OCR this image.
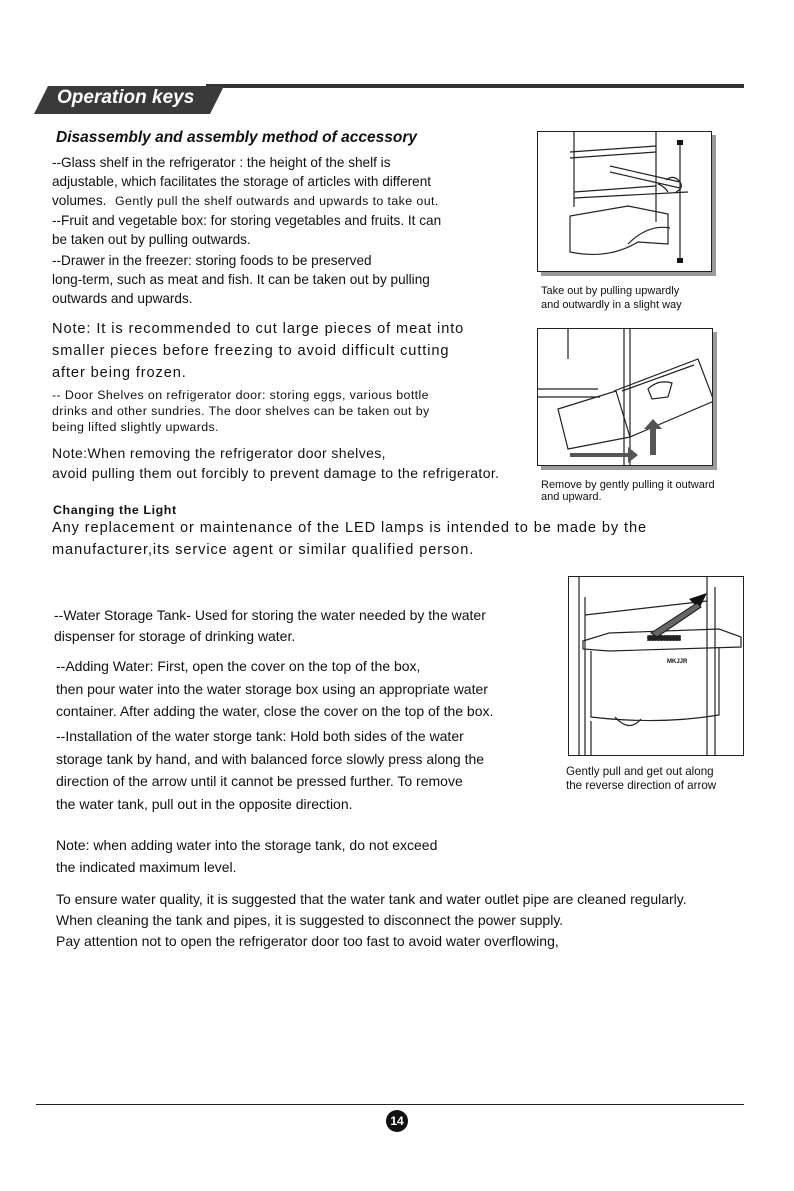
Operation keys
Disassembly and assembly method of accessory
--Glass shelf in the refrigerator : the height of the shelf is
adjustable, which facilitates the storage of articles with different
volumes. Gently pull the shelf outwards and upwards to take out.
--Fruit and vegetable box: for storing vegetables and fruits. It can
be taken out by pulling outwards.
--Drawer in the freezer: storing foods to be preserved
long-term, such as meat and fish. It can be taken out by pulling
outwards and upwards.
Note: It is recommended to cut large pieces of meat into
smaller pieces before freezing to avoid difficult cutting
after being frozen.
-- Door Shelves on refrigerator door: storing eggs, various bottle
drinks and other sundries. The door shelves can be taken out by
being lifted slightly upwards.
Note:When removing the refrigerator door shelves,
avoid pulling them out forcibly to prevent damage to the refrigerator.
Take out by pulling upwardly
and outwardly in a slight way
Remove by gently pulling it outward
and upward.
Changing the Light
Any replacement or maintenance of the LED lamps is intended to be made by the
manufacturer,its service agent or similar qualified person.
--Water Storage Tank- Used for storing the water needed by the water
dispenser for storage of drinking water.
--Adding Water: First, open the cover on the top of the box,
then pour water into the water storage box using an appropriate water
container. After adding the water, close the cover on the top of the box.
--Installation of the water storge tank: Hold both sides of the water
storage tank by hand, and with balanced force slowly press along the
direction of the arrow until it cannot be pressed further. To remove
the water tank, pull out in the opposite direction.
Note: when adding water into the storage tank, do not exceed
the indicated maximum level.
To ensure water quality, it is suggested that the water tank and water outlet pipe are cleaned regularly.
When cleaning the tank and pipes, it is suggested to disconnect the power supply.
Pay attention not to open the refrigerator door too fast to avoid water overflowing,
MKJJR
Gently pull and get out along
the reverse direction of arrow
14
